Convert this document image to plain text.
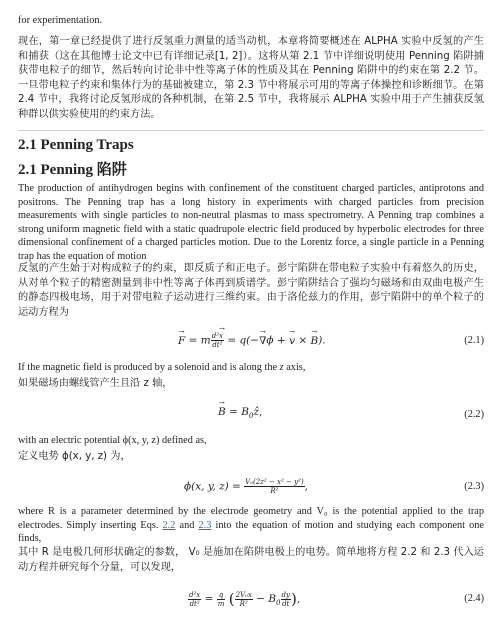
for experimentation.

现在，第一章已经提供了进行反氢重力测量的适当动机，本章将简要概述在 ALPHA 实验中反氢的产生和捕获（这在其他博士论文中已有详细记录[1, 2]）。这将从第 2.1 节中详细说明使用 Penning 陷阱捕获带电粒子的细节，然后转向讨论非中性等离子体的性质及其在 Penning 陷阱中的约束在第 2.2 节。一旦带电粒子约束和集体行为的基础被建立，第 2.3 节中将展示可用的等离子体操控和诊断细节。在第 2.4 节中，我将讨论反氢形成的各种机制，在第 2.5 节中，我将展示 ALPHA 实验中用于产生捕获反氢种群以供实验使用的约束方法。

2.1 Penning Traps
2.1 Penning 陷阱

The production of antihydrogen begins with confinement of the constituent charged particles, antiprotons and positrons. The Penning trap has a long history in experiments with charged particles from precision measurements with single particles to non-neutral plasmas to mass spectrometry. A Penning trap combines a strong uniform magnetic field with a static quadrupole electric field produced by hyperbolic electrodes for three dimensional confinement of a charged particles motion. Due to the Lorentz force, a single particle in a Penning trap has the equation of motion

反氢的产生始于对构成粒子的约束，即反质子和正电子。彭宁陷阱在带电粒子实验中有着悠久的历史，从对单个粒子的精密测量到非中性等离子体再到质谱学。彭宁陷阱结合了强均匀磁场和由双曲电极产生的静态四极电场，用于对带电粒子运动进行三维约束。由于洛伦兹力的作用，彭宁陷阱中的单个粒子的运动方程为

→ F = m $\frac{\text{d²→ x}}{\text{dt²}} = q(-\to \nabla\phi$ + → v × → B).	(2.1)

If the magnetic field is produced by a solenoid and is along the z axis,

如果磁场由螺线管产生且沿 z 轴，

→ $B = B_0ẑ$,	(2.2)

with an electric potential ϕ(x, y, z) defined as,

定义电势 ϕ(x, y, z) 为，

ϕ(x, y, $z) = \frac{\text{V₀(2z² − x² − y²)}}{\text{R²}}$ ,	(2.3)

where R is a parameter determined by the electrode geometry and V₀ is the potential applied to the trap electrodes. Simply inserting Eqs. 2.2 and 2.3 into the equation of motion and studying each component one finds,

其中 R 是电极几何形状确定的参数， V₀ 是施加在陷阱电极上的电势。简单地将方程 2.2 和 2.3 代入运动方程并研究每个分量，可以发现，

$\frac{\text{d²x}}{\text{dt²}} = \frac{q}{m}$ ( $\frac{\text{2V₀x}}{\text{R²}} - B_0 \frac{dy}{dt}$ ),	(2.4)
